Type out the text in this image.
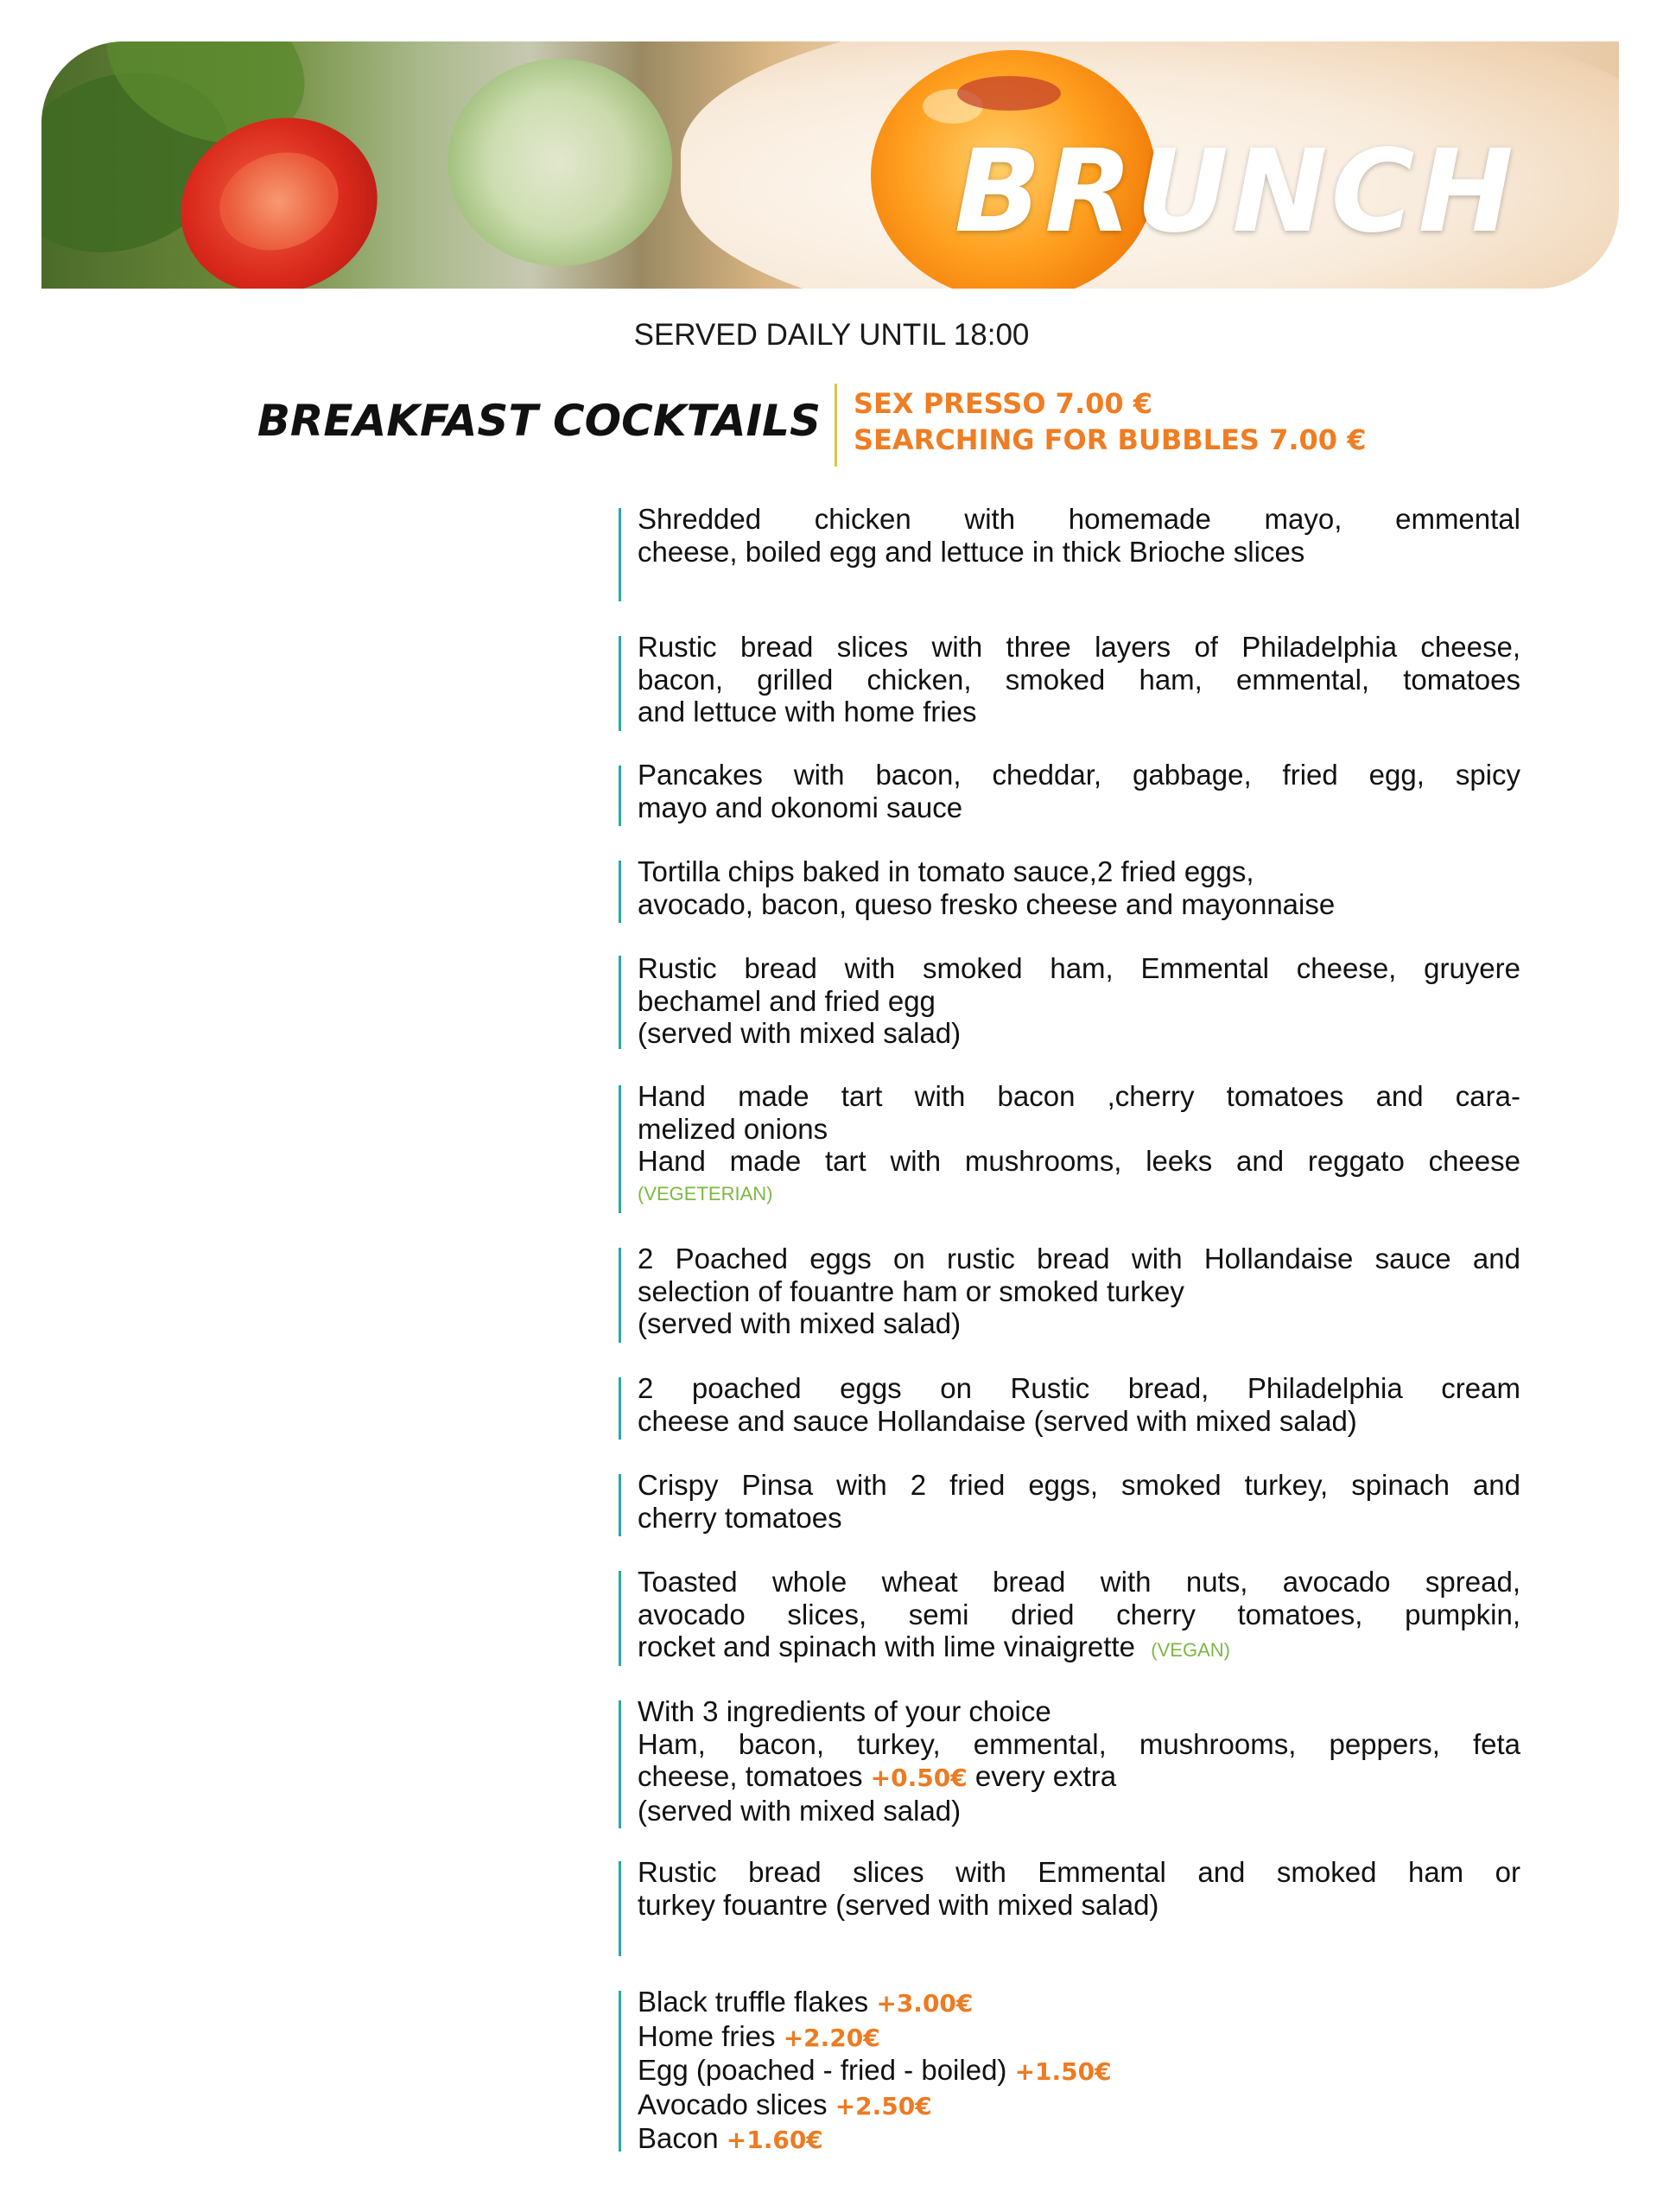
BRUNCH
SERVED DAILY UNTIL 18:00
BREAKFAST COCKTAILS SEX PRESSO 7.00 €
SEARCHING FOR BUBBLES 7.00 €
Shredded chicken with homemade mayo, emmental
cheese, boiled egg and lettuce in thick Brioche slices
Rustic bread slices with three layers of Philadelphia cheese,
bacon, grilled chicken, smoked ham, emmental, tomatoes
and lettuce with home fries
Pancakes with bacon, cheddar, gabbage, fried egg, spicy
mayo and okonomi sauce
Tortilla chips baked in tomato sauce,2 fried eggs,
avocado, bacon, queso fresko cheese and mayonnaise
Rustic bread with smoked ham, Emmental cheese, gruyere
bechamel and fried egg
(served with mixed salad)
Hand made tart with bacon ,cherry tomatoes and cara-
melized onions
Hand made tart with mushrooms, leeks and reggato cheese
(VEGETERIAN)
2 Poached eggs on rustic bread with Hollandaise sauce and
selection of fouantre ham or smoked turkey
(served with mixed salad)
2 poached eggs on Rustic bread, Philadelphia cream
cheese and sauce Hollandaise (served with mixed salad)
Crispy Pinsa with 2 fried eggs, smoked turkey, spinach and
cherry tomatoes
Toasted whole wheat bread with nuts, avocado spread,
avocado slices, semi dried cherry tomatoes, pumpkin,
rocket and spinach with lime vinaigrette (VEGAN)
With 3 ingredients of your choice
Ham, bacon, turkey, emmental, mushrooms, peppers, feta
cheese, tomatoes +0.50€ every extra
(served with mixed salad)
Rustic bread slices with Emmental and smoked ham or
turkey fouantre (served with mixed salad)
Black truffle flakes +3.00€
Home fries +2.20€
Egg (poached - fried - boiled) +1.50€
Avocado slices +2.50€
Bacon +1.60€
